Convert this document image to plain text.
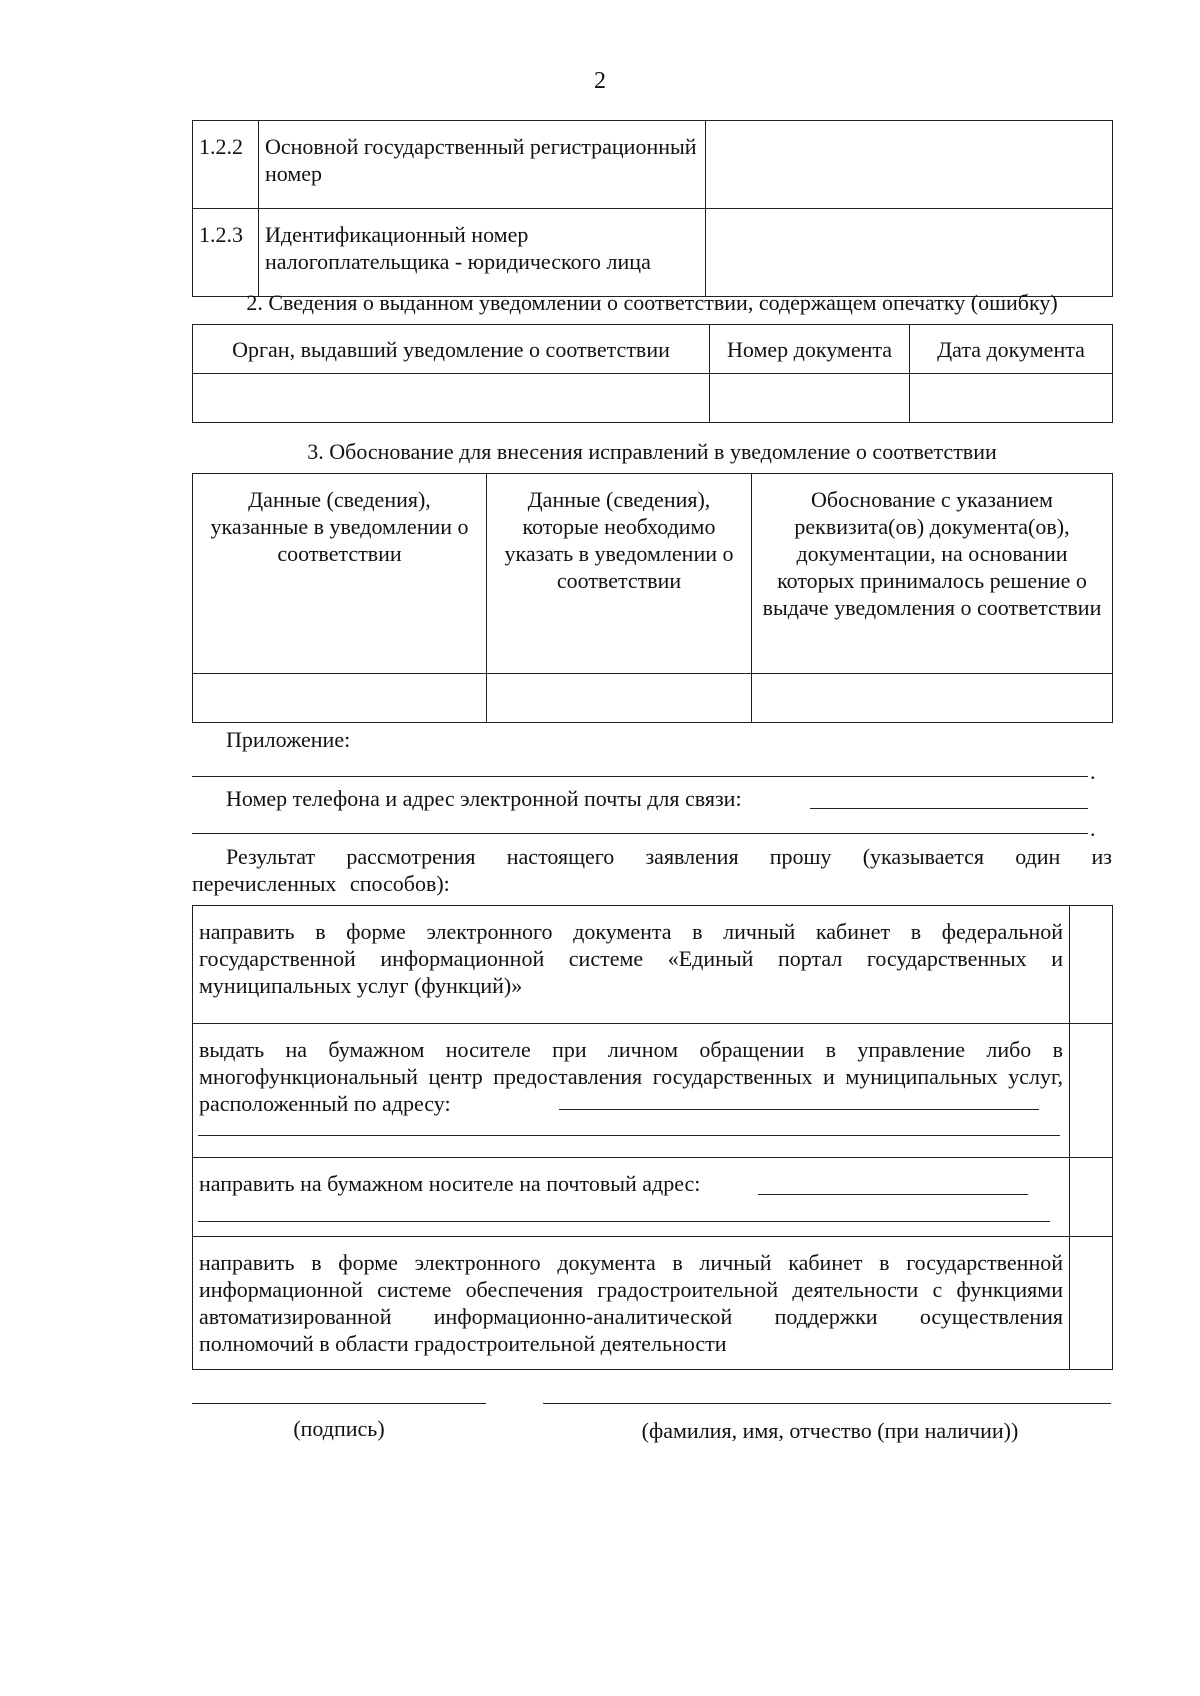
2
1.2.2	Основной государственный регистрационный номер	
1.2.3	Идентификационный номер налогоплательщика - юридического лица	
2. Сведения о выданном уведомлении о соответствии, содержащем опечатку (ошибку)
Орган, выдавший уведомление о соответствии	Номер документа	Дата документа

3. Обоснование для внесения исправлений в уведомление о соответствии
Данные (сведения), указанные в уведомлении о соответствии	Данные (сведения), которые необходимо указать в уведомлении о соответствии	Обоснование с указанием реквизита(ов) документа(ов), документации, на основании которых принималось решение о выдаче уведомления о соответствии

Приложение:
.
Номер телефона и адрес электронной почты для связи:
.
Результат рассмотрения настоящего заявления прошу (указывается один из перечисленных способов):
направить в форме электронного документа в личный кабинет в федеральной государственной информационной системе «Единый портал государственных и муниципальных услуг (функций)»	
выдать на бумажном носителе при личном обращении в управление либо в многофункциональный центр предоставления государственных и муниципальных услуг, расположенный по адресу:

направить на бумажном носителе на почтовый адрес:

направить в форме электронного документа в личный кабинет в государственной информационной системе обеспечения градостроительной деятельности с функциями автоматизированной информационно-аналитической поддержки осуществления полномочий в области градостроительной деятельности	
(подпись)	(фамилия, имя, отчество (при наличии))
